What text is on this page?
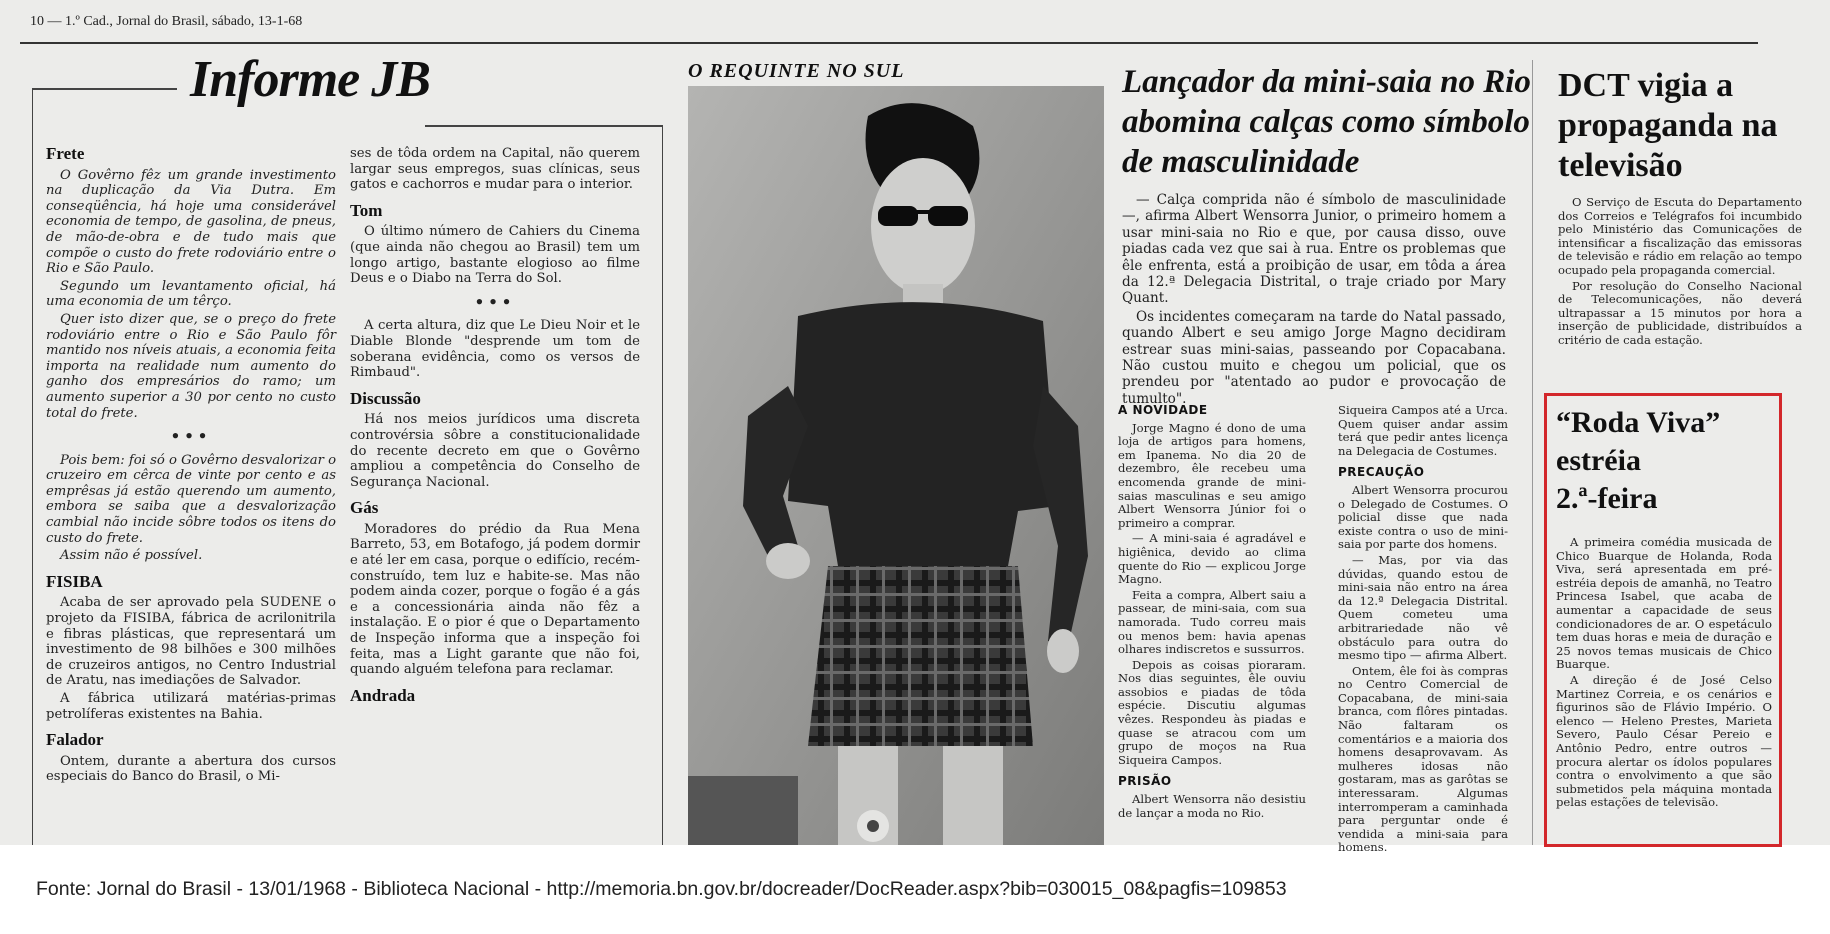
10 — 1.º Cad., Jornal do Brasil, sábado, 13-1-68
Informe JB
Frete

O Govêrno fêz um grande investimento na duplicação da Via Dutra. Em conseqüência, há hoje uma considerável economia de tempo, de gasolina, de pneus, de mão-de-obra e de tudo mais que compõe o custo do frete rodoviário entre o Rio e São Paulo.

Segundo um levantamento oficial, há uma economia de um têrço.

Quer isto dizer que, se o preço do frete rodoviário entre o Rio e São Paulo fôr mantido nos níveis atuais, a economia feita importa na realidade num aumento do ganho dos empresários do ramo; um aumento superior a 30 por cento no custo total do frete.

•••

Pois bem: foi só o Govêrno desvalorizar o cruzeiro em cêrca de vinte por cento e as emprêsas já estão querendo um aumento, embora se saiba que a desvalorização cambial não incide sôbre todos os itens do custo do frete.

Assim não é possível.

FISIBA

Acaba de ser aprovado pela SUDENE o projeto da FISIBA, fábrica de acrilonitrila e fibras plásticas, que representará um investimento de 98 bilhões e 300 milhões de cruzeiros antigos, no Centro Industrial de Aratu, nas imediações de Salvador.

A fábrica utilizará matérias-primas petrolíferas existentes na Bahia.

Falador

Ontem, durante a abertura dos cursos especiais do Banco do Brasil, o Mi-

ses de tôda ordem na Capital, não querem largar seus empregos, suas clínicas, seus gatos e cachorros e mudar para o interior.

Tom

O último número de Cahiers du Cinema (que ainda não chegou ao Brasil) tem um longo artigo, bastante elogioso ao filme Deus e o Diabo na Terra do Sol.

•••

A certa altura, diz que Le Dieu Noir et le Diable Blonde "desprende um tom de soberana evidência, como os versos de Rimbaud".

Discussão

Há nos meios jurídicos uma discreta controvérsia sôbre a constitucionalidade do recente decreto em que o Govêrno ampliou a competência do Conselho de Segurança Nacional.

Gás

Moradores do prédio da Rua Mena Barreto, 53, em Botafogo, já podem dormir e até ler em casa, porque o edifício, recém-construído, tem luz e habite-se. Mas não podem ainda cozer, porque o fogão é a gás e a concessionária ainda não fêz a instalação. E o pior é que o Departamento de Inspeção informa que a inspeção foi feita, mas a Light garante que não foi, quando alguém telefona para reclamar.

Andrada
O REQUINTE NO SUL	Lançador da mini-saia no Rio abomina calças como símbolo de masculinidade

— Calça comprida não é símbolo de masculinidade —, afirma Albert Wensorra Junior, o primeiro homem a usar mini-saia no Rio e que, por causa disso, ouve piadas cada vez que sai à rua. Entre os problemas que êle enfrenta, está a proibição de usar, em tôda a área da 12.ª Delegacia Distrital, o traje criado por Mary Quant.

Os incidentes começaram na tarde do Natal passado, quando Albert e seu amigo Jorge Magno decidiram estrear suas mini-saias, passeando por Copacabana. Não custou muito e chegou um policial, que os prendeu por "atentado ao pudor e provocação de tumulto".

A NOVIDADE

Jorge Magno é dono de uma loja de artigos para homens, em Ipanema. No dia 20 de dezembro, êle recebeu uma encomenda grande de mini-saias masculinas e seu amigo Albert Wensorra Júnior foi o primeiro a comprar.

— A mini-saia é agradável e higiênica, devido ao clima quente do Rio — explicou Jorge Magno.

Feita a compra, Albert saiu a passear, de mini-saia, com sua namorada. Tudo correu mais ou menos bem: havia apenas olhares indiscretos e sussurros.

Depois as coisas pioraram. Nos dias seguintes, êle ouviu assobios e piadas de tôda espécie. Discutiu algumas vêzes. Respondeu às piadas e quase se atracou com um grupo de moços na Rua Siqueira Campos.

PRISÃO

Albert Wensorra não desistiu de lançar a moda no Rio.

Siqueira Campos até a Urca. Quem quiser andar assim terá que pedir antes licença na Delegacia de Costumes.

PRECAUÇÃO

Albert Wensorra procurou o Delegado de Costumes. O policial disse que nada existe contra o uso de mini-saia por parte dos homens.

— Mas, por via das dúvidas, quando estou de mini-saia não entro na área da 12.ª Delegacia Distrital. Quem cometeu uma arbitrariedade não vê obstáculo para outra do mesmo tipo — afirma Albert.

Ontem, êle foi às compras no Centro Comercial de Copacabana, de mini-saia branca, com flôres pintadas. Não faltaram os comentários e a maioria dos homens desaprovavam. As mulheres idosas não gostaram, mas as garôtas se interessaram. Algumas interromperam a caminhada para perguntar onde é vendida a mini-saia para homens.

DCT vigia a propaganda na televisão

O Serviço de Escuta do Departamento dos Correios e Telégrafos foi incumbido pelo Ministério das Comunicações de intensificar a fiscalização das emissoras de televisão e rádio em relação ao tempo ocupado pela propaganda comercial.

Por resolução do Conselho Nacional de Telecomunicações, não deverá ultrapassar a 15 minutos por hora a inserção de publicidade, distribuídos a critério de cada estação.

“Roda Viva”
estréia
2.ª-feira

A primeira comédia musicada de Chico Buarque de Holanda, Roda Viva, será apresentada em pré-estréia depois de amanhã, no Teatro Princesa Isabel, que acaba de aumentar a capacidade de seus condicionadores de ar. O espetáculo tem duas horas e meia de duração e 25 novos temas musicais de Chico Buarque.

A direção é de José Celso Martinez Correia, e os cenários e figurinos são de Flávio Império. O elenco — Heleno Prestes, Marieta Severo, Paulo César Pereio e Antônio Pedro, entre outros — procura alertar os ídolos populares contra o envolvimento a que são submetidos pela máquina montada pelas estações de televisão.

Fonte: Jornal do Brasil - 13/01/1968 - Biblioteca Nacional - http://memoria.bn.gov.br/docreader/DocReader.aspx?bib=030015_08&pagfis=109853
